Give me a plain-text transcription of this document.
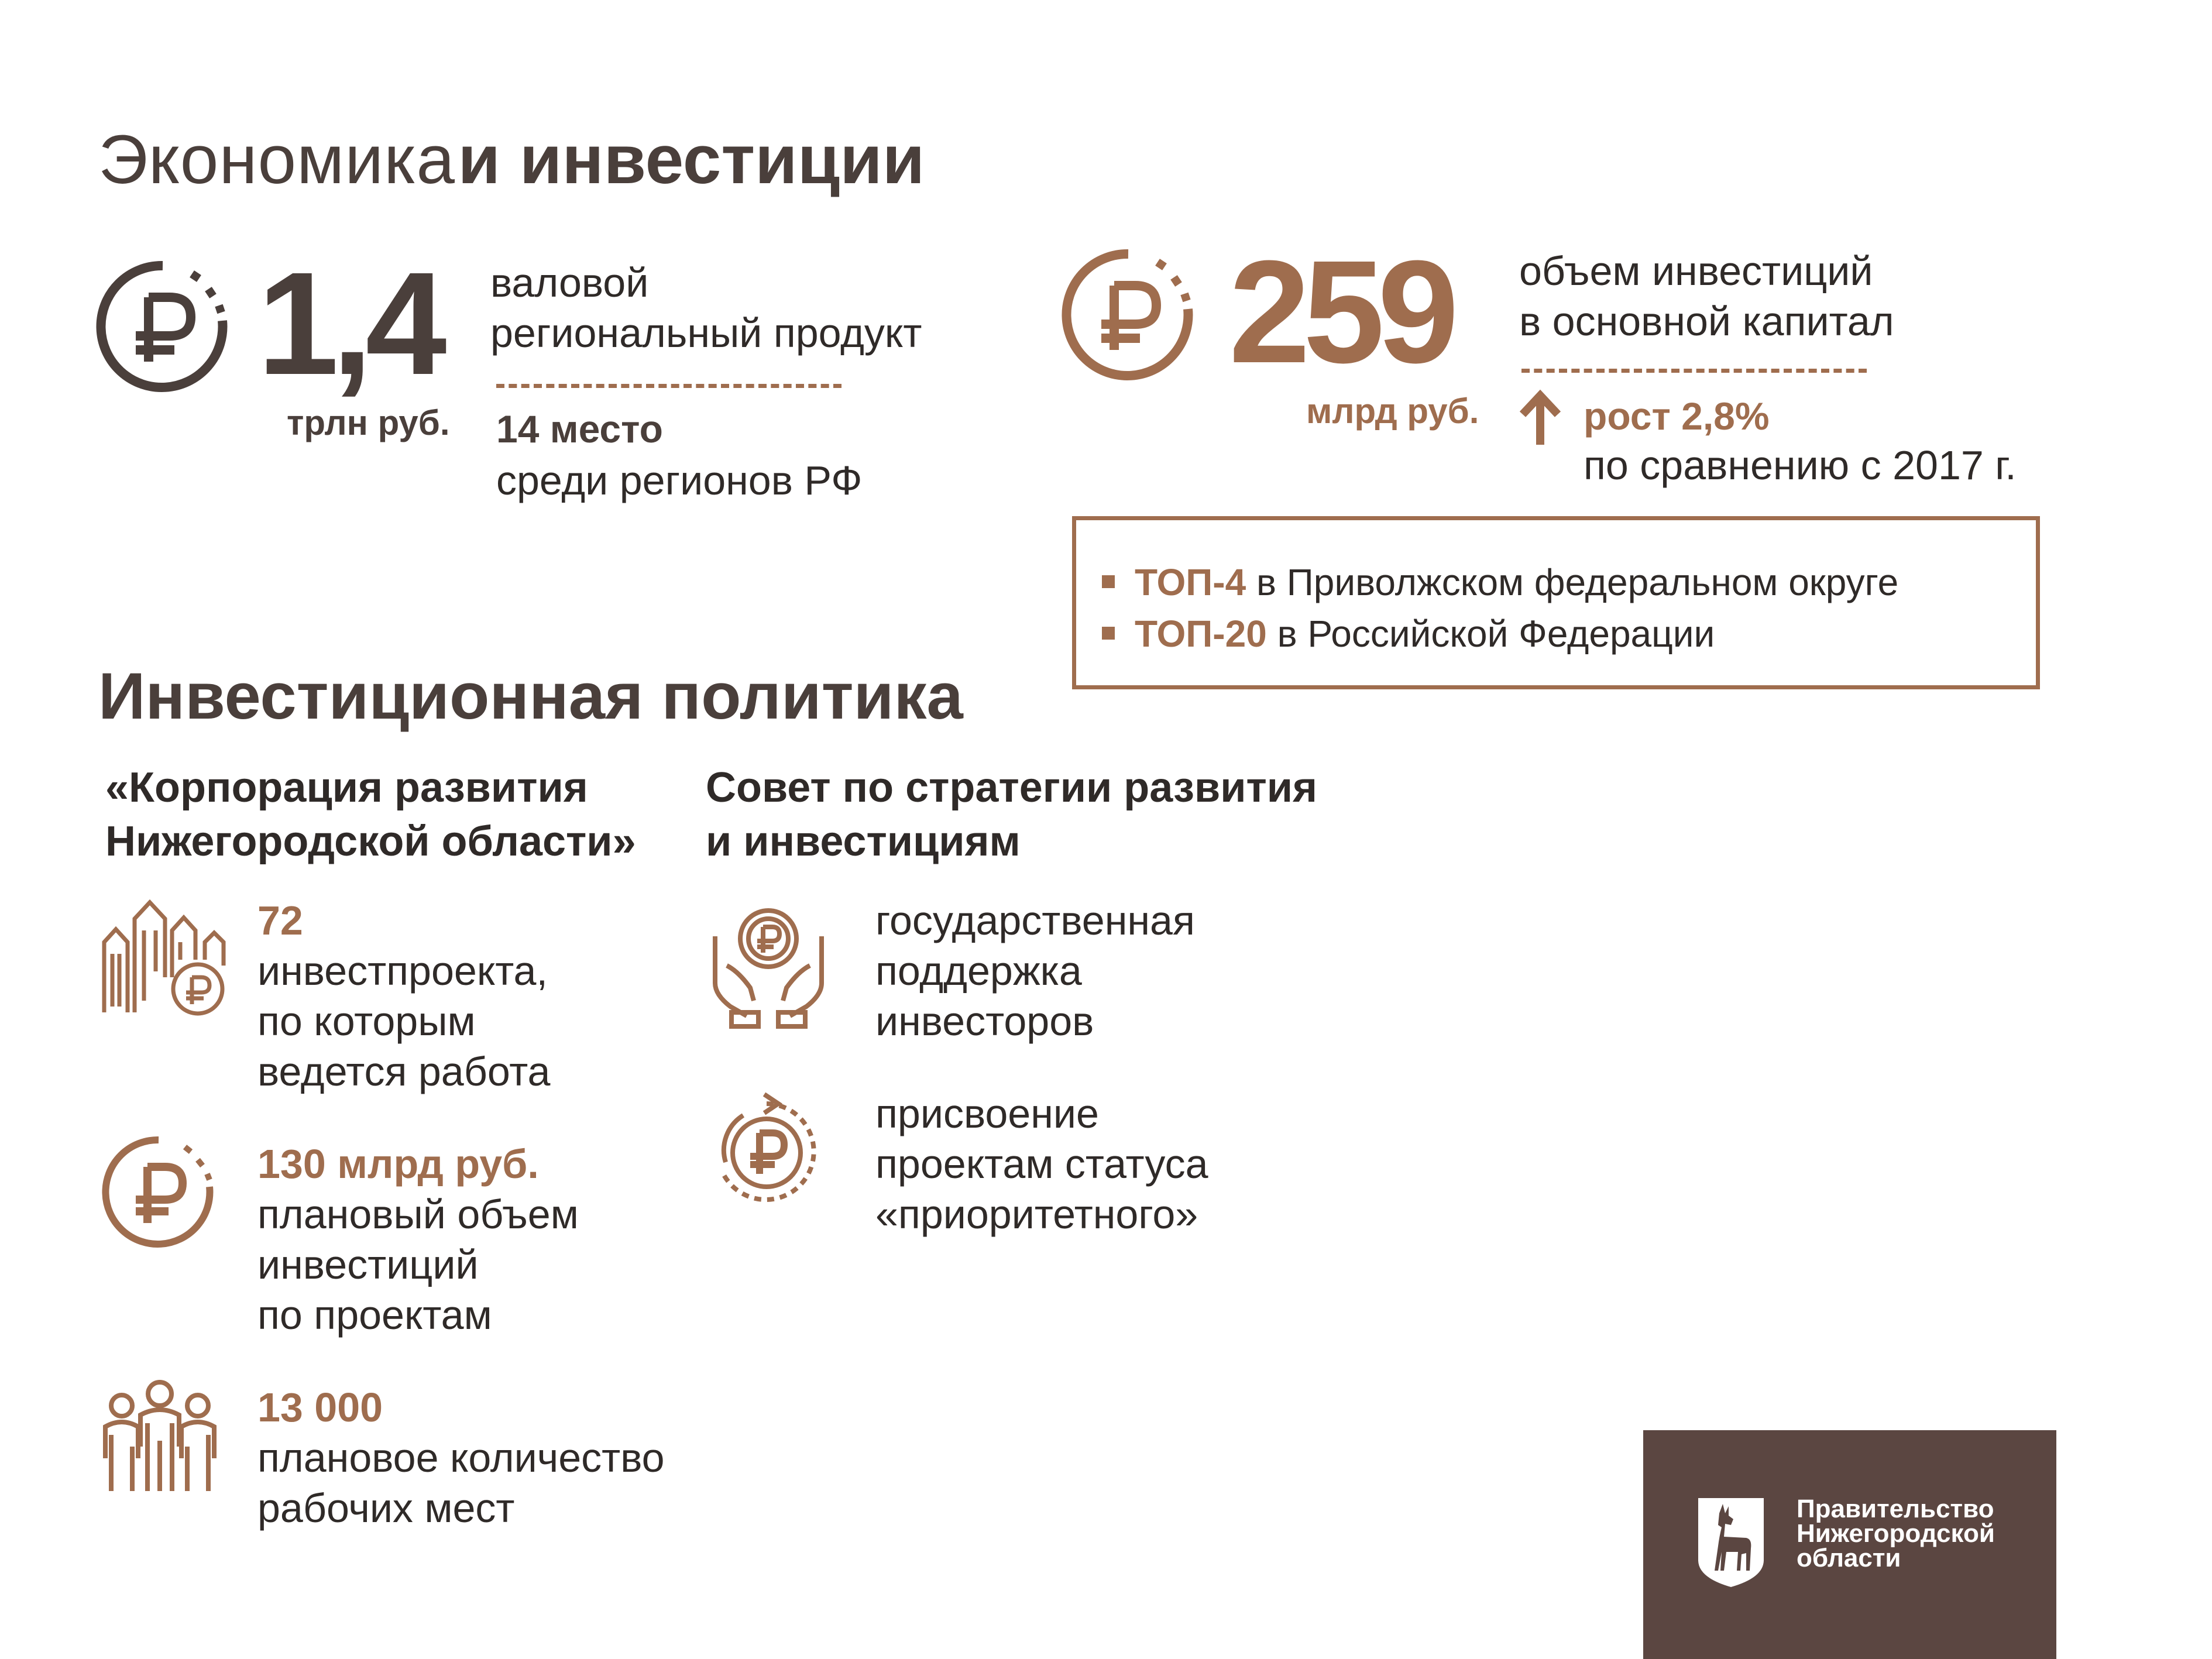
Экономика и инвестиции
1,4
трлн руб.
валовой
региональный продукт
14 место
среди регионов РФ
259
млрд руб.
объем инвестиций
в основной капитал
рост 2,8%
по сравнению с 2017 г.
ТОП-4 в Приволжском федеральном округе
ТОП-20 в Российской Федерации
Инвестиционная политика
«Корпорация развития
Нижегородской области»
Совет по стратегии развития
и инвестициям
72
инвестпроекта,
по которым
ведется работа
130 млрд руб.
плановый объем
инвестиций
по проектам
13 000
плановое количество
рабочих мест
государственная
поддержка
инвесторов
присвоение
проектам статуса
«приоритетного»
Правительство
Нижегородской
области
